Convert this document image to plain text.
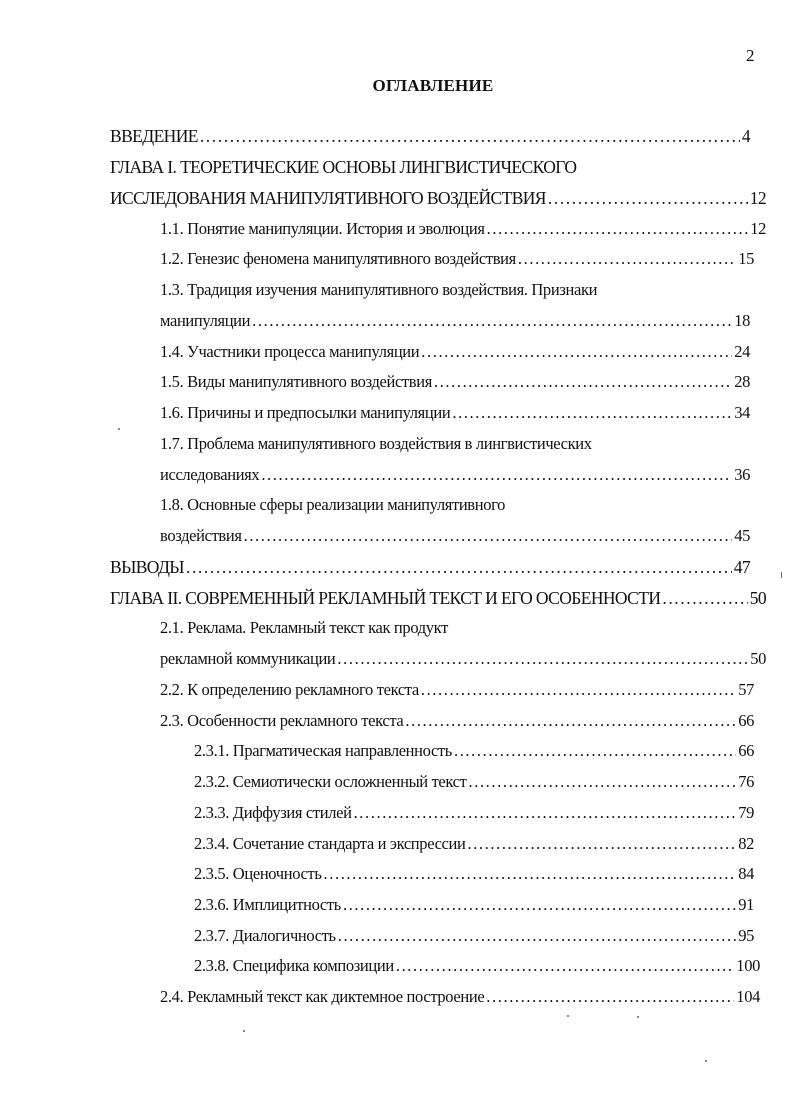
2
ОГЛАВЛЕНИЕ
ВВЕДЕНИЕ .....	4
ГЛАВА I. ТЕОРЕТИЧЕСКИЕ ОСНОВЫ ЛИНГВИСТИЧЕСКОГО
ИССЛЕДОВАНИЯ МАНИПУЛЯТИВНОГО ВОЗДЕЙСТВИЯ .....	12
1.1. Понятие манипуляции. История и эволюция .....	12
1.2. Генезис феномена манипулятивного воздействия .....	15
1.3. Традиция изучения манипулятивного воздействия. Признаки
манипуляции .....	18
1.4. Участники процесса манипуляции .....	24
1.5. Виды манипулятивного воздействия .....	28
1.6. Причины и предпосылки манипуляции .....	34
1.7. Проблема манипулятивного воздействия в лингвистических
исследованиях .....	36
1.8. Основные сферы реализации манипулятивного
воздействия .....	45
ВЫВОДЫ .....	47
ГЛАВА II. СОВРЕМЕННЫЙ РЕКЛАМНЫЙ ТЕКСТ И ЕГО ОСОБЕННОСТИ .....	50
2.1. Реклама. Рекламный текст как продукт
рекламной коммуникации .....	50
2.2. К определению рекламного текста .....	57
2.3. Особенности рекламного текста .....	66
2.3.1. Прагматическая направленность .....	66
2.3.2. Семиотически осложненный текст .....	76
2.3.3. Диффузия стилей .....	79
2.3.4. Сочетание стандарта и экспрессии .....	82
2.3.5. Оценочность .....	84
2.3.6. Имплицитность .....	91
2.3.7. Диалогичность .....	95
2.3.8. Специфика композиции .....	100
2.4. Рекламный текст как диктемное построение .....	104
